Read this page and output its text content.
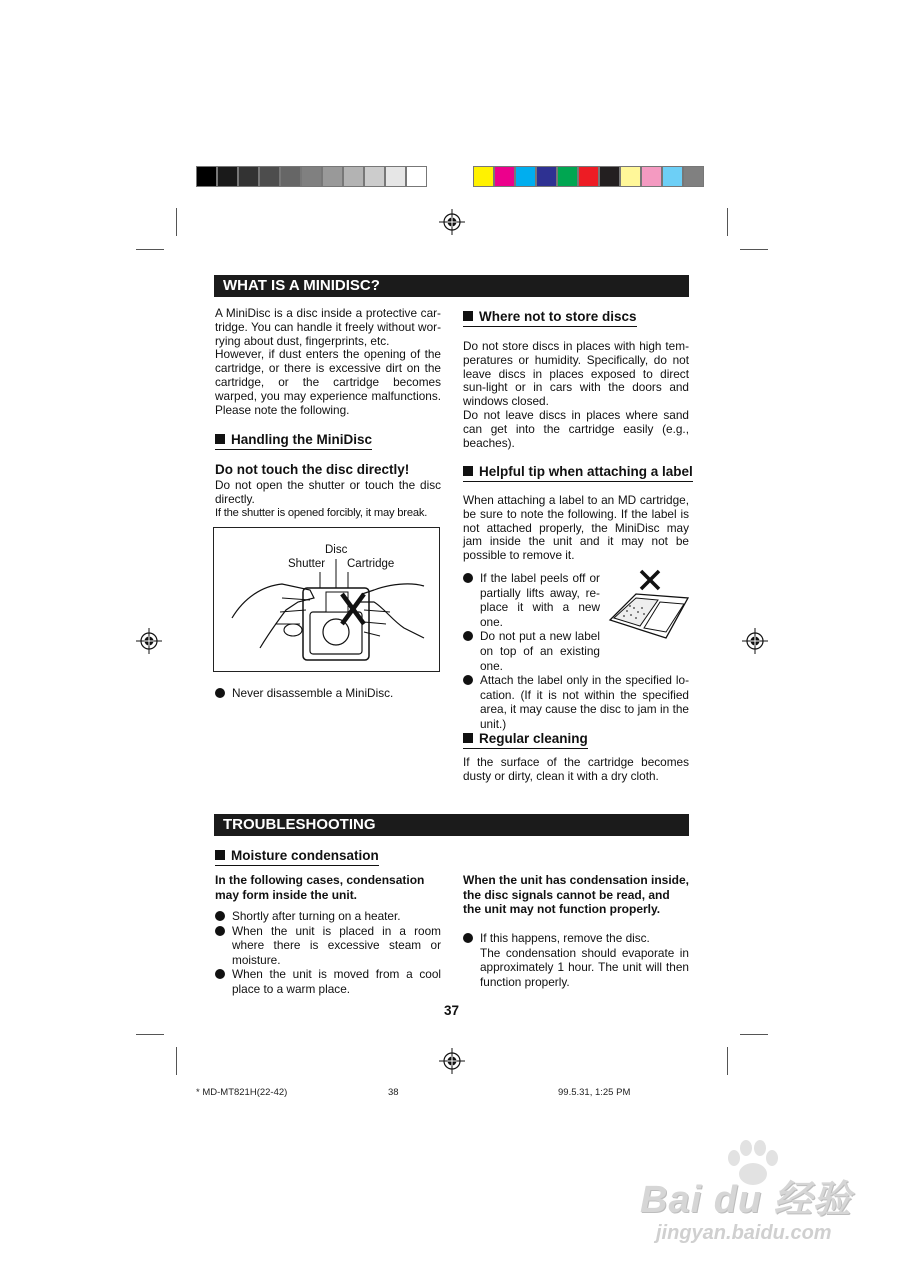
WHAT IS A MINIDISC?

A MiniDisc is a disc inside a protective car-tridge. You can handle it freely without wor-rying about dust, fingerprints, etc.

However, if dust enters the opening of the cartridge, or there is excessive dirt on the cartridge, or the cartridge becomes warped, you may experience malfunctions. Please note the following.

Handling the MiniDisc
Do not touch the disc directly!

Do not open the shutter or touch the disc directly.

If the shutter is opened forcibly, it may break.

Disc
Shutter Cartridge
Never disassemble a MiniDisc.
Where not to store discs

Do not store discs in places with high tem-peratures or humidity. Specifically, do not leave discs in places exposed to direct sun-light or in cars with the doors and windows closed.

Do not leave discs in places where sand can get into the cartridge easily (e.g., beaches).

Helpful tip when attaching a label

When attaching a label to an MD cartridge, be sure to note the following. If the label is not attached properly, the MiniDisc may jam inside the unit and it may not be possible to remove it.

If the label peels off or partially lifts away, re-place it with a new one.
Do not put a new label on top of an existing one.
Attach the label only in the specified lo-cation. (If it is not within the specified area, it may cause the disc to jam in the unit.)
Regular cleaning

If the surface of the cartridge becomes dusty or dirty, clean it with a dry cloth.

TROUBLESHOOTING
Moisture condensation
In the following cases, condensation may form inside the unit.
Shortly after turning on a heater.
When the unit is placed in a room where there is excessive steam or moisture.
When the unit is moved from a cool place to a warm place.
When the unit has condensation inside, the disc signals cannot be read, and the unit may not function properly.
If this happens, remove the disc.
The condensation should evaporate in approximately 1 hour. The unit will then function properly.
37
* MD-MT821H(22-42)	38	99.5.31, 1:25 PM
Bai du 经验
jingyan.baidu.com
